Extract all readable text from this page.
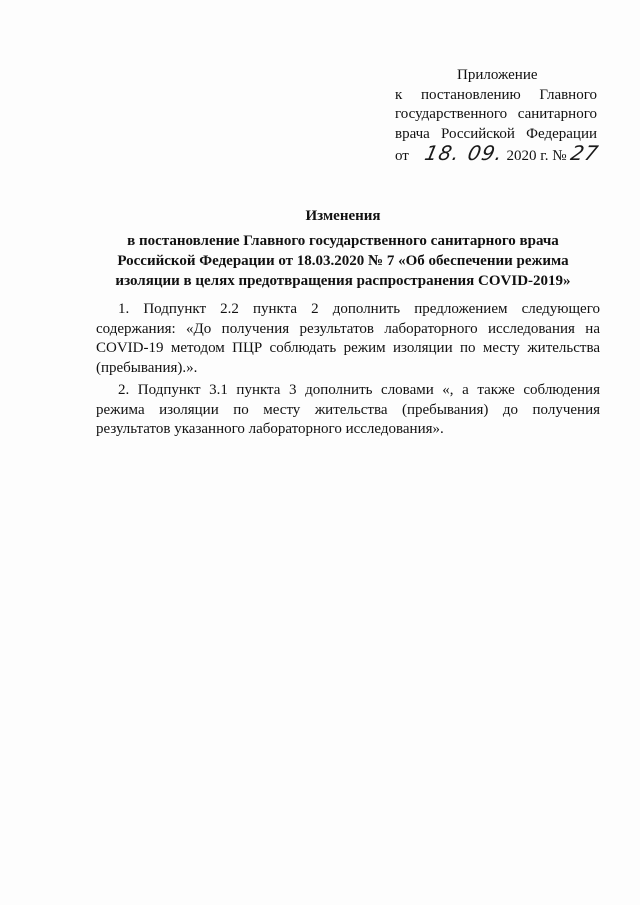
Приложение
к постановлению Главного
государственного санитарного
врача Российской Федерации
от 18. 09.2020 г. №27
Изменения
в постановление Главного государственного санитарного врача Российской Федерации от 18.03.2020 № 7 «Об обеспечении режима изоляции в целях предотвращения распространения COVID-2019»

1. Подпункт 2.2 пункта 2 дополнить предложением следующего содержания: «До получения результатов лабораторного исследования на COVID-19 методом ПЦР соблюдать режим изоляции по месту жительства (пребывания).».

2. Подпункт 3.1 пункта 3 дополнить словами «, а также соблюдения режима изоляции по месту жительства (пребывания) до получения результатов указанного лабораторного исследования».
